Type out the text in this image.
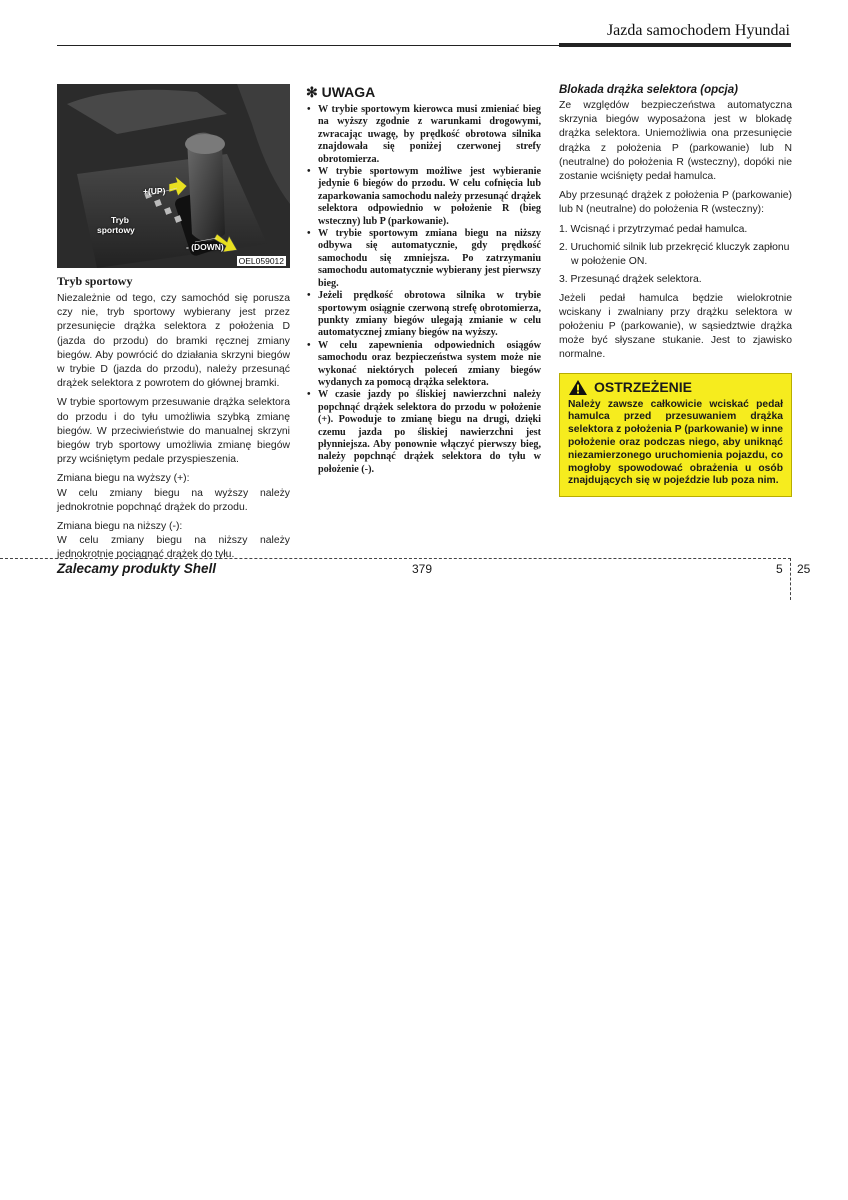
Jazda samochodem Hyundai
+(UP)
- (DOWN)
Tryb
sportowy
OEL059012
Tryb sportowy

Niezależnie od tego, czy samochód się porusza czy nie, tryb sportowy wybierany jest przez przesunięcie drążka selektora z położenia D (jazda do przodu) do bramki ręcznej zmiany biegów. Aby powrócić do działania skrzyni biegów w trybie D (jazda do przodu), należy przesunąć drążek selektora z powrotem do głównej bramki.

W trybie sportowym przesuwanie drążka selektora do przodu i do tyłu umożliwia szybką zmianę biegów. W przeciwieństwie do manualnej skrzyni biegów tryb sportowy umożliwia zmianę biegów przy wciśniętym pedale przyspieszenia.

Zmiana biegu na wyższy (+):
W celu zmiany biegu na wyższy należy jednokrotnie popchnąć drążek do przodu.

Zmiana biegu na niższy (-):
W celu zmiany biegu na niższy należy jednokrotnie pociągnąć drążek do tyłu.

✻ UWAGA
• W trybie sportowym kierowca musi zmieniać bieg na wyższy zgodnie z warunkami drogowymi, zwracając uwagę, by prędkość obrotowa silnika znajdowała się poniżej czerwonej strefy obrotomierza.
• W trybie sportowym możliwe jest wybieranie jedynie 6 biegów do przodu. W celu cofnięcia lub zaparkowania samochodu należy przesunąć drążek selektora odpowiednio w położenie R (bieg wsteczny) lub P (parkowanie).
• W trybie sportowym zmiana biegu na niższy odbywa się automatycznie, gdy prędkość samochodu się zmniejsza. Po zatrzymaniu samochodu automatycznie wybierany jest pierwszy bieg.
• Jeżeli prędkość obrotowa silnika w trybie sportowym osiągnie czerwoną strefę obrotomierza, punkty zmiany biegów ulegają zmianie w celu automatycznej zmiany biegów na wyższy.
• W celu zapewnienia odpowiednich osiągów samochodu oraz bezpieczeństwa system może nie wykonać niektórych poleceń zmiany biegów wydanych za pomocą drążka selektora.
• W czasie jazdy po śliskiej nawierzchni należy popchnąć drążek selektora do przodu w położenie (+). Powoduje to zmianę biegu na drugi, dzięki czemu jazda po śliskiej nawierzchni jest płynniejsza. Aby ponownie włączyć pierwszy bieg, należy popchnąć drążek selektora do tyłu w położenie (-).
Blokada drążka selektora (opcja)

Ze względów bezpieczeństwa automatyczna skrzynia biegów wyposażona jest w blokadę drążka selektora. Uniemożliwia ona przesunięcie drążka z położenia P (parkowanie) lub N (neutralne) do położenia R (wsteczny), dopóki nie zostanie wciśnięty pedał hamulca.

Aby przesunąć drążek z położenia P (parkowanie) lub N (neutralne) do położenia R (wsteczny):

1. Wcisnąć i przytrzymać pedał hamulca.
2. Uruchomić silnik lub przekręcić kluczyk zapłonu w położenie ON.
3. Przesunąć drążek selektora.

Jeżeli pedał hamulca będzie wielokrotnie wciskany i zwalniany przy drążku selektora w położeniu P (parkowanie), w sąsiedztwie drążka może być słyszane stukanie. Jest to zjawisko normalne.

OSTRZEŻENIE
Należy zawsze całkowicie wciskać pedał hamulca przed przesuwaniem drążka selektora z położenia P (parkowanie) w inne położenie oraz podczas niego, aby uniknąć niezamierzonego uruchomienia pojazdu, co mogłoby spowodować obrażenia u osób znajdujących się w pojeździe lub poza nim.
Zalecamy produkty Shell	379	5 25
